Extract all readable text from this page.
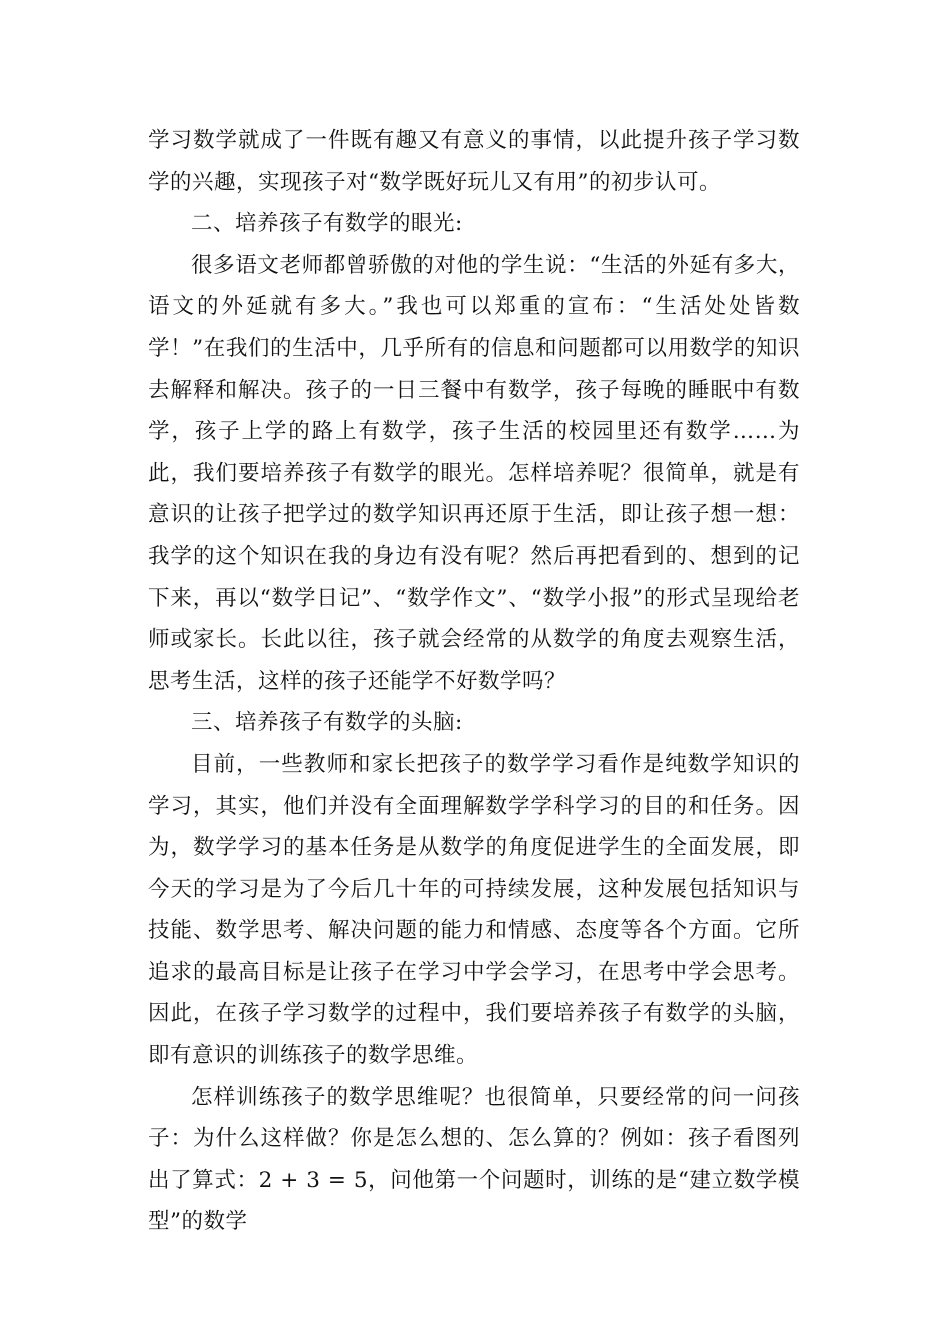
学习数学就成了一件既有趣又有意义的事情，以此提升孩子学习数学的兴趣，实现孩子对“数学既好玩儿又有用”的初步认可。

二、培养孩子有数学的眼光:

很多语文老师都曾骄傲的对他的学生说：“生活的外延有多大，语文的外延就有多大。”我也可以郑重的宣布：“生活处处皆数学！”在我们的生活中，几乎所有的信息和问题都可以用数学的知识去解释和解决。孩子的一日三餐中有数学，孩子每晚的睡眠中有数学，孩子上学的路上有数学，孩子生活的校园里还有数学……为此，我们要培养孩子有数学的眼光。怎样培养呢？很简单，就是有意识的让孩子把学过的数学知识再还原于生活，即让孩子想一想：我学的这个知识在我的身边有没有呢？然后再把看到的、想到的记下来，再以“数学日记”、“数学作文”、“数学小报”的形式呈现给老师或家长。长此以往，孩子就会经常的从数学的角度去观察生活，思考生活，这样的孩子还能学不好数学吗？

三、培养孩子有数学的头脑:

目前，一些教师和家长把孩子的数学学习看作是纯数学知识的学习，其实，他们并没有全面理解数学学科学习的目的和任务。因为，数学学习的基本任务是从数学的角度促进学生的全面发展，即今天的学习是为了今后几十年的可持续发展，这种发展包括知识与技能、数学思考、解决问题的能力和情感、态度等各个方面。它所追求的最高目标是让孩子在学习中学会学习，在思考中学会思考。因此，在孩子学习数学的过程中，我们要培养孩子有数学的头脑，即有意识的训练孩子的数学思维。

怎样训练孩子的数学思维呢？也很简单，只要经常的问一问孩子：为什么这样做？你是怎么想的、怎么算的？例如：孩子看图列出了算式：2 + 3 = 5，问他第一个问题时，训练的是“建立数学模型”的数学
